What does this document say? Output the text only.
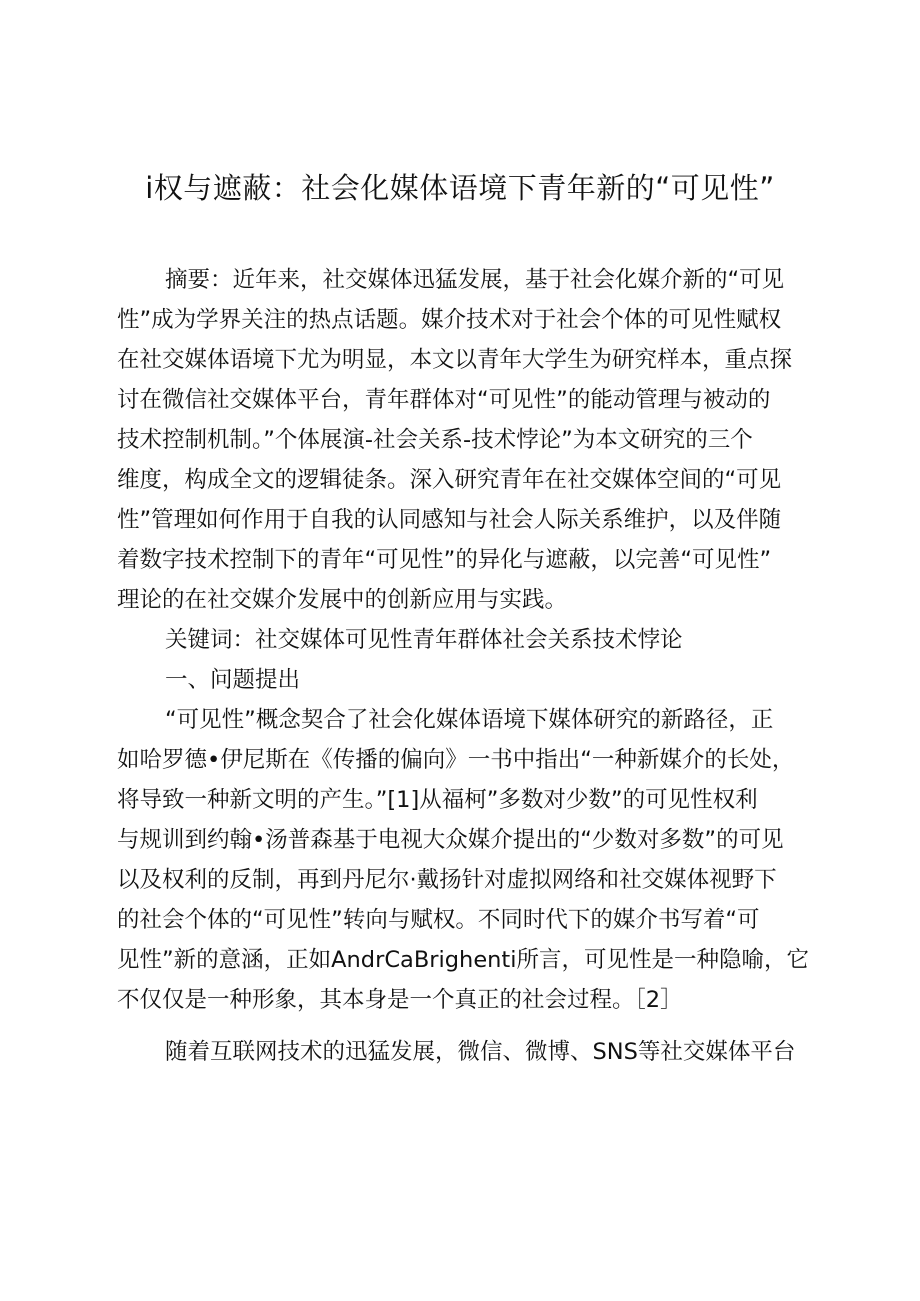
i权与遮蔽：社会化媒体语境下青年新的“可见性”
摘要：近年来，社交媒体迅猛发展，基于社会化媒介新的“可见
性”成为学界关注的热点话题。媒介技术对于社会个体的可见性赋权
在社交媒体语境下尤为明显，本文以青年大学生为研究样本，重点探
讨在微信社交媒体平台，青年群体对“可见性”的能动管理与被动的
技术控制机制。”个体展演-社会关系-技术悖论”为本文研究的三个
维度，构成全文的逻辑徒条。深入研究青年在社交媒体空间的“可见
性”管理如何作用于自我的认同感知与社会人际关系维护，以及伴随
着数字技术控制下的青年“可见性”的异化与遮蔽，以完善“可见性”
理论的在社交媒介发展中的创新应用与实践。
关键词：社交媒体可见性青年群体社会关系技术悖论
一、问题提出
“可见性”概念契合了社会化媒体语境下媒体研究的新路径，正
如哈罗德•伊尼斯在《传播的偏向》一书中指出“一种新媒介的长处，
将导致一种新文明的产生。”[1]从福柯”多数对少数”的可见性权利
与规训到约翰•汤普森基于电视大众媒介提出的“少数对多数”的可见
以及权利的反制，再到丹尼尔·戴扬针对虚拟网络和社交媒体视野下
的社会个体的“可见性”转向与赋权。不同时代下的媒介书写着“可
见性”新的意涵，正如AndrCaBrighenti所言，可见性是一种隐喻，它
不仅仅是一种形象，其本身是一个真正的社会过程。［2］
随着互联网技术的迅猛发展，微信、微博、SNS等社交媒体平台
